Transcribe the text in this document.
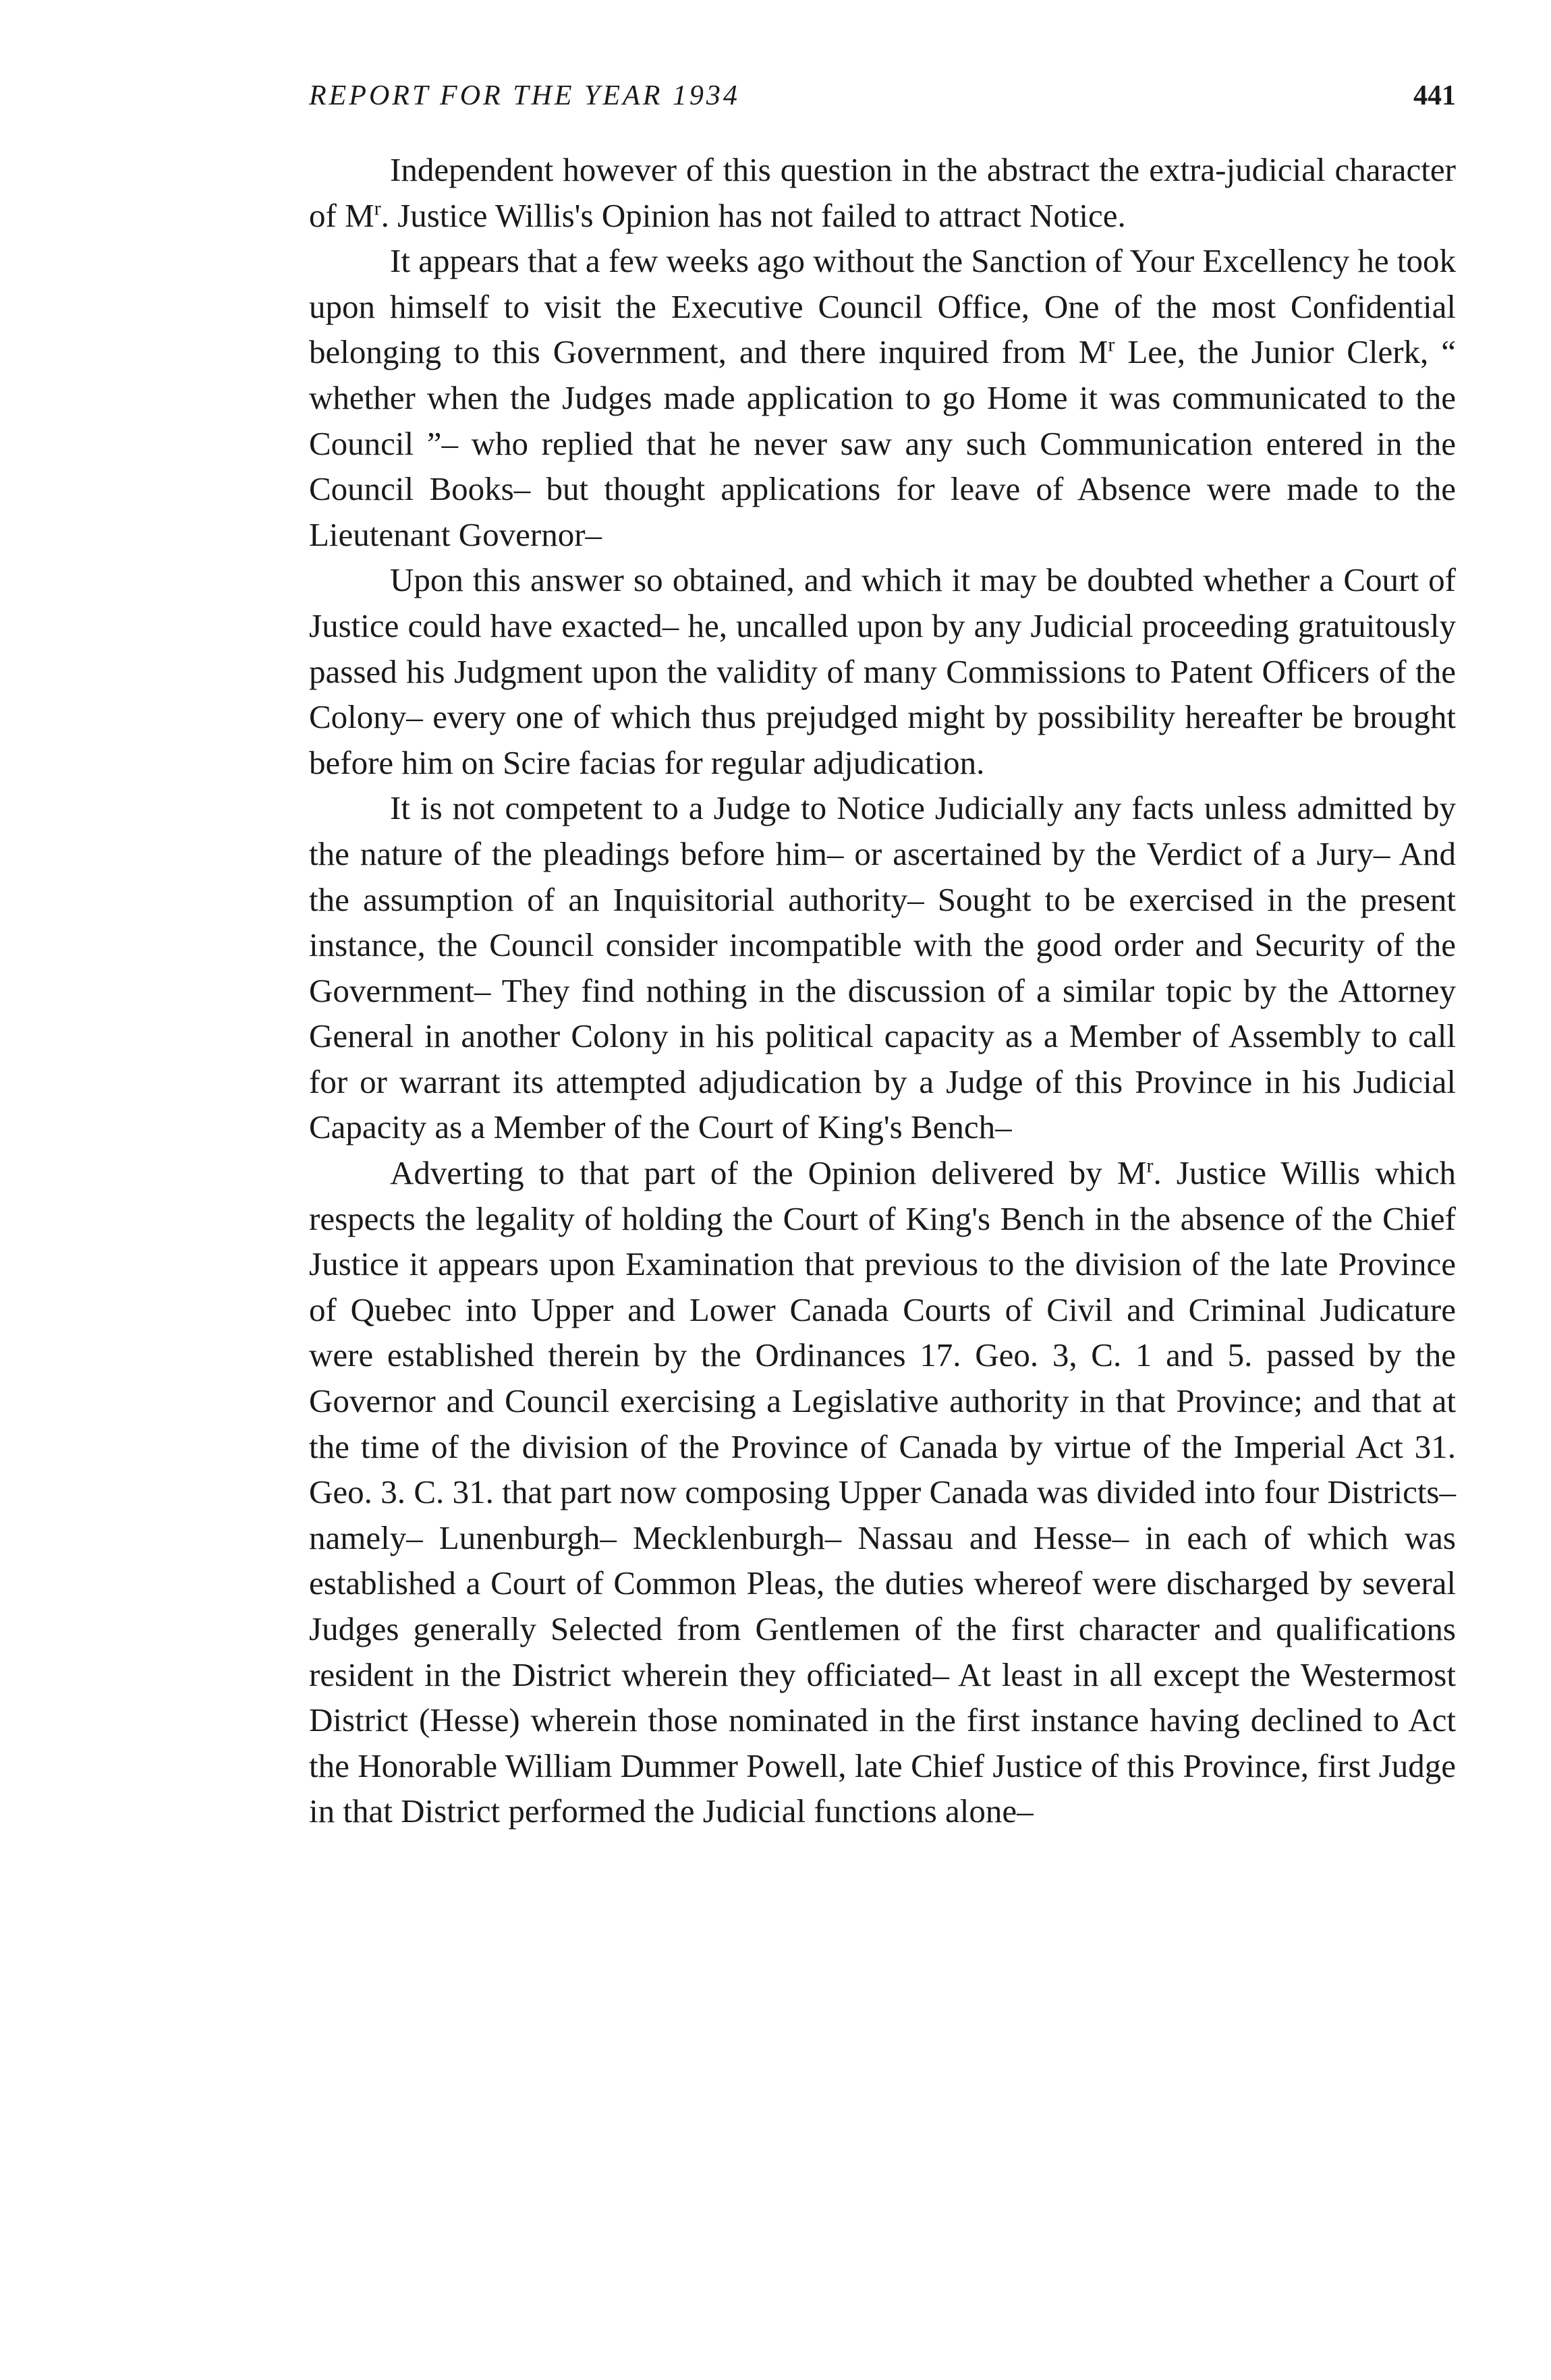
REPORT FOR THE YEAR 1934	441

Independent however of this question in the abstract the extra-judicial character of $M^r$. Justice Willis's Opinion has not failed to attract Notice.

It appears that a few weeks ago without the Sanction of Your Excellency he took upon himself to visit the Executive Council Office, One of the most Confidential belonging to this Government, and there inquired from $M^r$ Lee, the Junior Clerk, “ whether when the Judges made application to go Home it was communicated to the Council ”– who replied that he never saw any such Communication entered in the Council Books– but thought applications for leave of Absence were made to the Lieutenant Governor–

Upon this answer so obtained, and which it may be doubted whether a Court of Justice could have exacted– he, uncalled upon by any Judicial proceeding gratuitously passed his Judgment upon the validity of many Commissions to Patent Officers of the Colony– every one of which thus prejudged might by possibility hereafter be brought before him on Scire facias for regular adjudication.

It is not competent to a Judge to Notice Judicially any facts unless admitted by the nature of the pleadings before him– or ascertained by the Verdict of a Jury– And the assumption of an Inquisitorial authority– Sought to be exercised in the present instance, the Council consider incompatible with the good order and Security of the Government– They find nothing in the discussion of a similar topic by the Attorney General in another Colony in his political capacity as a Member of Assembly to call for or warrant its attempted adjudication by a Judge of this Province in his Judicial Capacity as a Member of the Court of King's Bench–

Adverting to that part of the Opinion delivered by $M^r$. Justice Willis which respects the legality of holding the Court of King's Bench in the absence of the Chief Justice it appears upon Examination that previous to the division of the late Province of Quebec into Upper and Lower Canada Courts of Civil and Criminal Judicature were established therein by the Ordinances 17. Geo. 3, C. 1 and 5. passed by the Governor and Council exercising a Legislative authority in that Province; and that at the time of the division of the Province of Canada by virtue of the Imperial Act 31. Geo. 3. C. 31. that part now composing Upper Canada was divided into four Districts– namely– Lunenburgh– Mecklenburgh– Nassau and Hesse– in each of which was established a Court of Common Pleas, the duties whereof were discharged by several Judges generally Selected from Gentlemen of the first character and qualifications resident in the District wherein they officiated– At least in all except the Westermost District (Hesse) wherein those nominated in the first instance having declined to Act the Honorable William Dummer Powell, late Chief Justice of this Province, first Judge in that District performed the Judicial functions alone–
